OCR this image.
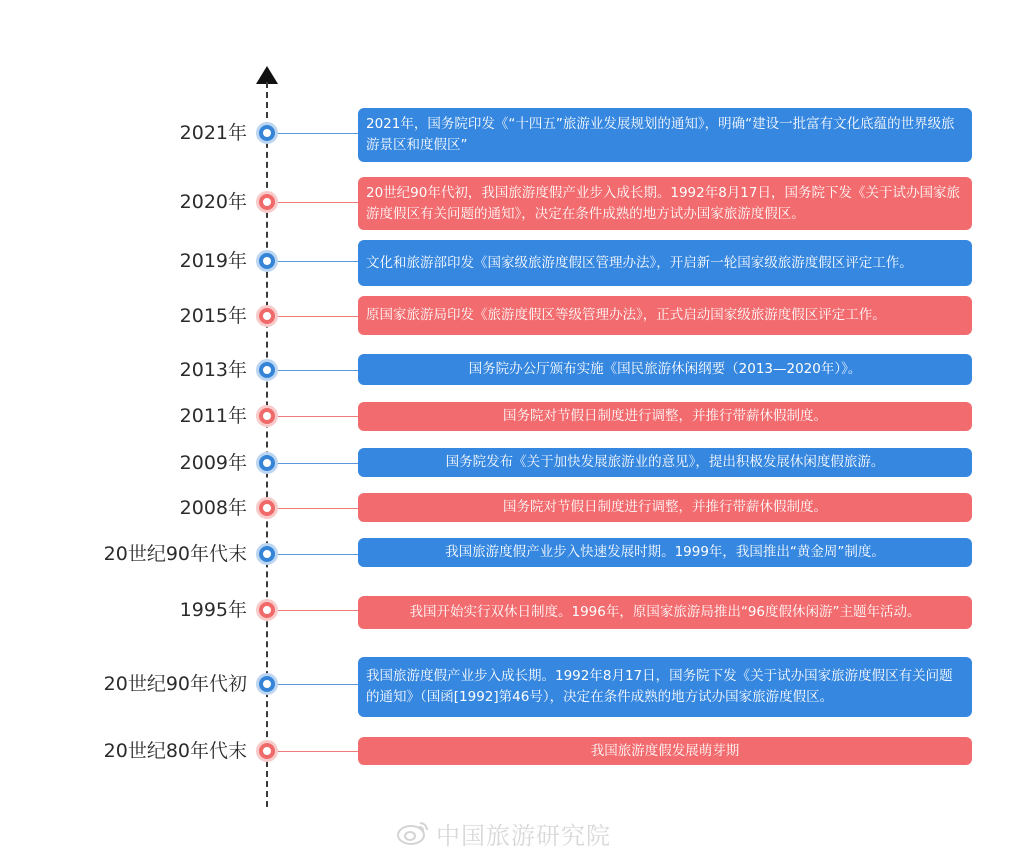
2021年	2021年，国务院印发《“十四五”旅游业发展规划的通知》，明确“建设一批富有文化底蕴的世界级旅游景区和度假区”
2020年	20世纪90年代初，我国旅游度假产业步入成长期。1992年8月17日，国务院下发《关于试办国家旅游度假区有关问题的通知》，决定在条件成熟的地方试办国家旅游度假区。
2019年	文化和旅游部印发《国家级旅游度假区管理办法》，开启新一轮国家级旅游度假区评定工作。
2015年	原国家旅游局印发《旅游度假区等级管理办法》，正式启动国家级旅游度假区评定工作。
2013年	国务院办公厅颁布实施《国民旅游休闲纲要（2013—2020年）》。
2011年	国务院对节假日制度进行调整，并推行带薪休假制度。
2009年	国务院发布《关于加快发展旅游业的意见》，提出积极发展休闲度假旅游。
2008年	国务院对节假日制度进行调整，并推行带薪休假制度。
20世纪90年代末	我国旅游度假产业步入快速发展时期。1999年，我国推出“黄金周”制度。
1995年	我国开始实行双休日制度。1996年，原国家旅游局推出“96度假休闲游”主题年活动。
20世纪90年代初	我国旅游度假产业步入成长期。1992年8月17日，国务院下发《关于试办国家旅游度假区有关问题的通知》（国函[1992]第46号），决定在条件成熟的地方试办国家旅游度假区。
20世纪80年代末	我国旅游度假发展萌芽期
中国旅游研究院
